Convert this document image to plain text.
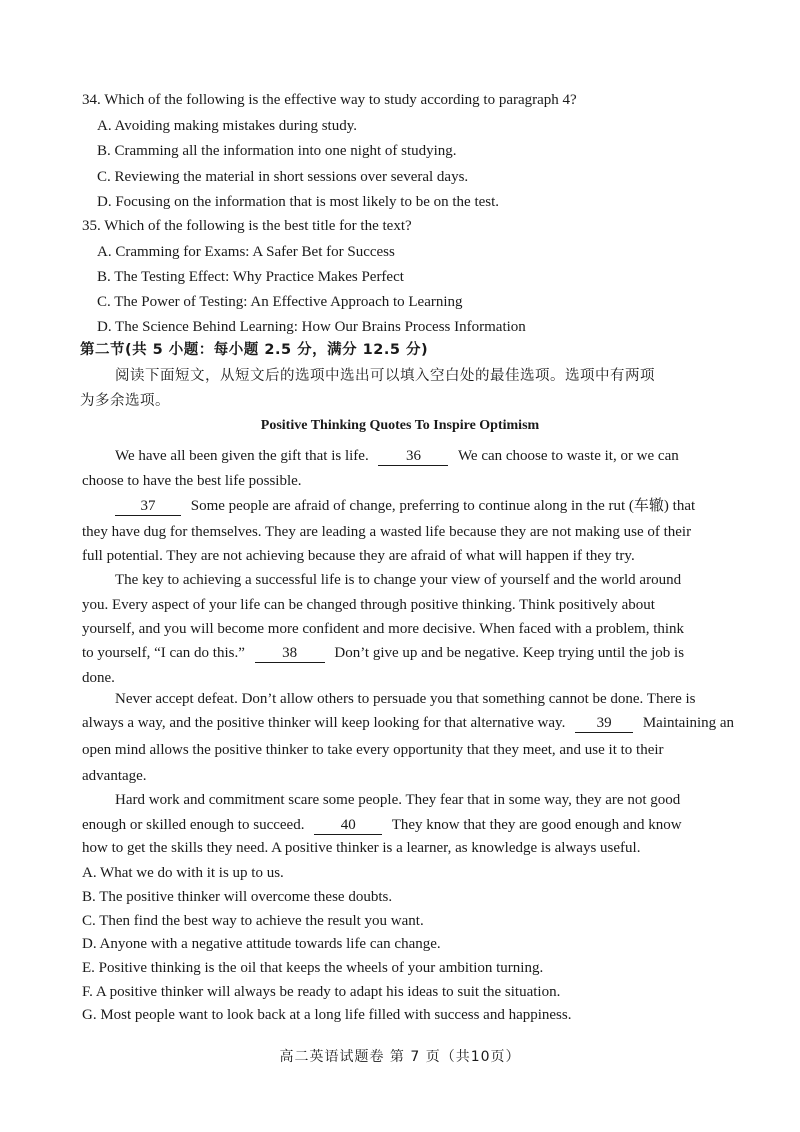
34. Which of the following is the effective way to study according to paragraph 4?
A. Avoiding making mistakes during study.
B. Cramming all the information into one night of studying.
C. Reviewing the material in short sessions over several days.
D. Focusing on the information that is most likely to be on the test.
35. Which of the following is the best title for the text?
A. Cramming for Exams: A Safer Bet for Success
B. The Testing Effect: Why Practice Makes Perfect
C. The Power of Testing: An Effective Approach to Learning
D. The Science Behind Learning: How Our Brains Process Information
第二节(共 5 小题：每小题 2.5 分，满分 12.5 分)
阅读下面短文，从短文后的选项中选出可以填入空白处的最佳选项。选项中有两项
为多余选项。
Positive Thinking Quotes To Inspire Optimism
We have all been given the gift that is life. 36 We can choose to waste it, or we can
choose to have the best life possible.
37 Some people are afraid of change, preferring to continue along in the rut (车辙) that
they have dug for themselves. They are leading a wasted life because they are not making use of their
full potential. They are not achieving because they are afraid of what will happen if they try.
The key to achieving a successful life is to change your view of yourself and the world around
you. Every aspect of your life can be changed through positive thinking. Think positively about
yourself, and you will become more confident and more decisive. When faced with a problem, think
to yourself, “I can do this.” 38 Don’t give up and be negative. Keep trying until the job is
done.
Never accept defeat. Don’t allow others to persuade you that something cannot be done. There is
always a way, and the positive thinker will keep looking for that alternative way. 39 Maintaining an
open mind allows the positive thinker to take every opportunity that they meet, and use it to their
advantage.
Hard work and commitment scare some people. They fear that in some way, they are not good
enough or skilled enough to succeed. 40 They know that they are good enough and know
how to get the skills they need. A positive thinker is a learner, as knowledge is always useful.
A. What we do with it is up to us.
B. The positive thinker will overcome these doubts.
C. Then find the best way to achieve the result you want.
D. Anyone with a negative attitude towards life can change.
E. Positive thinking is the oil that keeps the wheels of your ambition turning.
F. A positive thinker will always be ready to adapt his ideas to suit the situation.
G. Most people want to look back at a long life filled with success and happiness.
高二英语试题卷 第 7 页（共10页）
